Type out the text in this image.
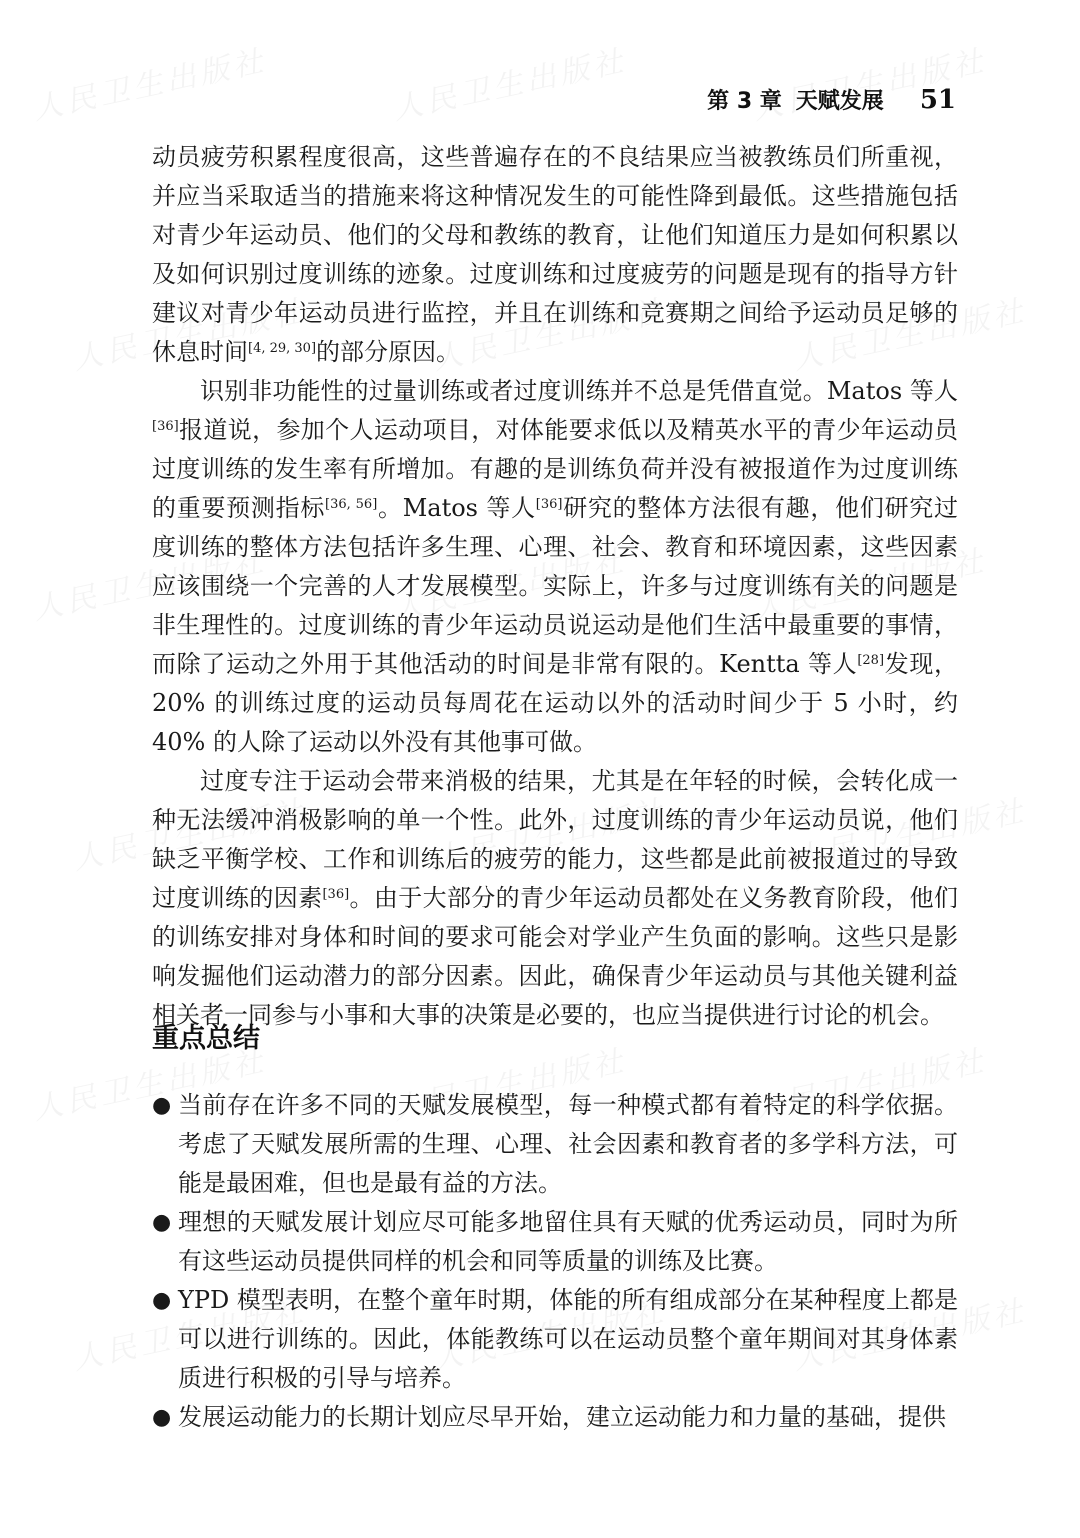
第 3 章 天赋发展 51

动员疲劳积累程度很高，这些普遍存在的不良结果应当被教练员们所重视，并应当采取适当的措施来将这种情况发生的可能性降到最低。这些措施包括对青少年运动员、他们的父母和教练的教育，让他们知道压力是如何积累以及如何识别过度训练的迹象。过度训练和过度疲劳的问题是现有的指导方针建议对青少年运动员进行监控，并且在训练和竞赛期之间给予运动员足够的休息时间[4, 29, 30]的部分原因。

识别非功能性的过量训练或者过度训练并不总是凭借直觉。Matos 等人[36]报道说，参加个人运动项目，对体能要求低以及精英水平的青少年运动员过度训练的发生率有所增加。有趣的是训练负荷并没有被报道作为过度训练的重要预测指标[36, 56]。Matos 等人[36]研究的整体方法很有趣，他们研究过度训练的整体方法包括许多生理、心理、社会、教育和环境因素，这些因素应该围绕一个完善的人才发展模型。实际上，许多与过度训练有关的问题是非生理性的。过度训练的青少年运动员说运动是他们生活中最重要的事情，而除了运动之外用于其他活动的时间是非常有限的。Kentta 等人[28]发现，20% 的训练过度的运动员每周花在运动以外的活动时间少于 5 小时，约 40% 的人除了运动以外没有其他事可做。

过度专注于运动会带来消极的结果，尤其是在年轻的时候，会转化成一种无法缓冲消极影响的单一个性。此外，过度训练的青少年运动员说，他们缺乏平衡学校、工作和训练后的疲劳的能力，这些都是此前被报道过的导致过度训练的因素[36]。由于大部分的青少年运动员都处在义务教育阶段，他们的训练安排对身体和时间的要求可能会对学业产生负面的影响。这些只是影响发掘他们运动潜力的部分因素。因此，确保青少年运动员与其他关键利益相关者一同参与小事和大事的决策是必要的，也应当提供进行讨论的机会。

重点总结
● 当前存在许多不同的天赋发展模型，每一种模式都有着特定的科学依据。考虑了天赋发展所需的生理、心理、社会因素和教育者的多学科方法，可能是最困难，但也是最有益的方法。
● 理想的天赋发展计划应尽可能多地留住具有天赋的优秀运动员，同时为所有这些运动员提供同样的机会和同等质量的训练及比赛。
● YPD 模型表明，在整个童年时期，体能的所有组成部分在某种程度上都是可以进行训练的。因此，体能教练可以在运动员整个童年期间对其身体素质进行积极的引导与培养。
● 发展运动能力的长期计划应尽早开始，建立运动能力和力量的基础，提供
